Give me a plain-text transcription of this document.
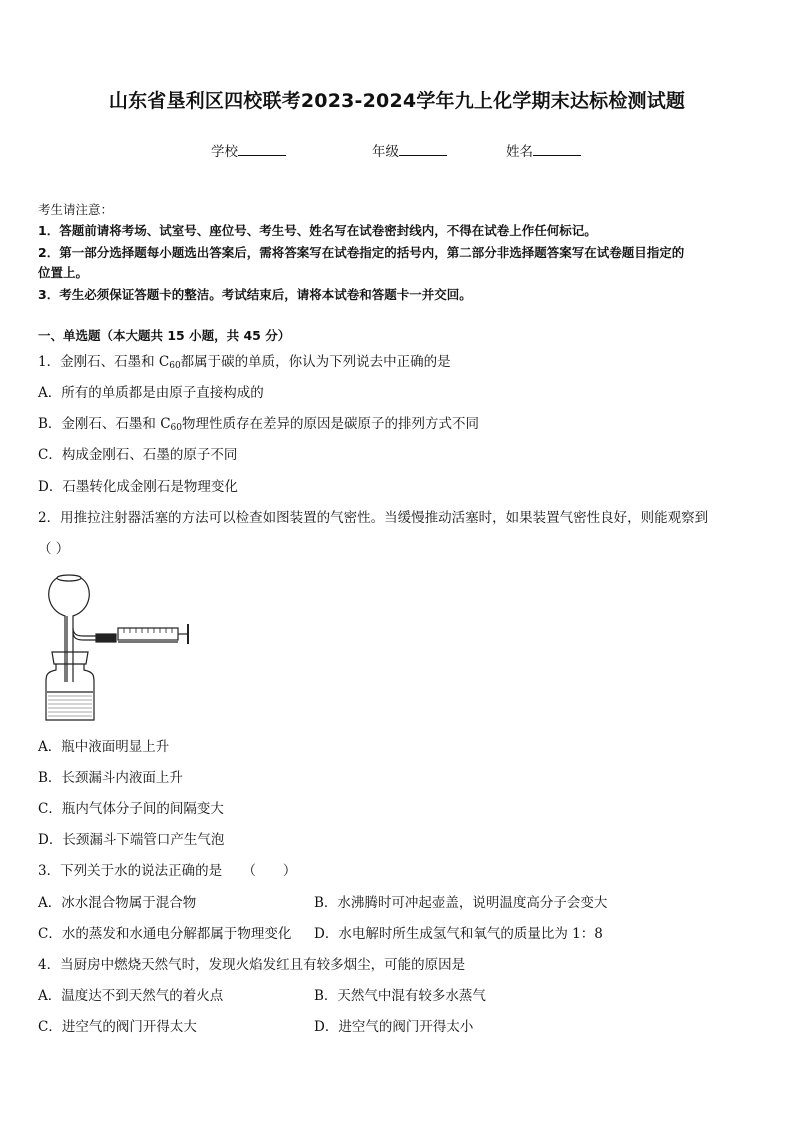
山东省垦利区四校联考2023-2024学年九上化学期末达标检测试题
学校	年级	姓名
考生请注意：
1．答题前请将考场、试室号、座位号、考生号、姓名写在试卷密封线内，不得在试卷上作任何标记。
2．第一部分选择题每小题选出答案后，需将答案写在试卷指定的括号内，第二部分非选择题答案写在试卷题目指定的
位置上。
3．考生必须保证答题卡的整洁。考试结束后，请将本试卷和答题卡一并交回。
一、单选题（本大题共 15 小题，共 45 分）
1．金刚石、石墨和 $C_{60}$都属于碳的单质，你认为下列说去中正确的是
A．所有的单质都是由原子直接构成的
B．金刚石、石墨和 $C_{60}$物理性质存在差异的原因是碳原子的排列方式不同
C．构成金刚石、石墨的原子不同
D．石墨转化成金刚石是物理变化
2．用推拉注射器活塞的方法可以检查如图装置的气密性。当缓慢推动活塞时，如果装置气密性良好，则能观察到
（ ）
A．瓶中液面明显上升
B．长颈漏斗内液面上升
C．瓶内气体分子间的间隔变大
D．长颈漏斗下端管口产生气泡
3．下列关于水的说法正确的是　　（　　）
A．冰水混合物属于混合物	B．水沸腾时可冲起壶盖，说明温度高分子会变大
C．水的蒸发和水通电分解都属于物理变化 D．水电解时所生成氢气和氧气的质量比为 1：8
4．当厨房中燃烧天然气时，发现火焰发红且有较多烟尘，可能的原因是
A．温度达不到天然气的着火点	B．天然气中混有较多水蒸气
C．进空气的阀门开得太大	D．进空气的阀门开得太小
